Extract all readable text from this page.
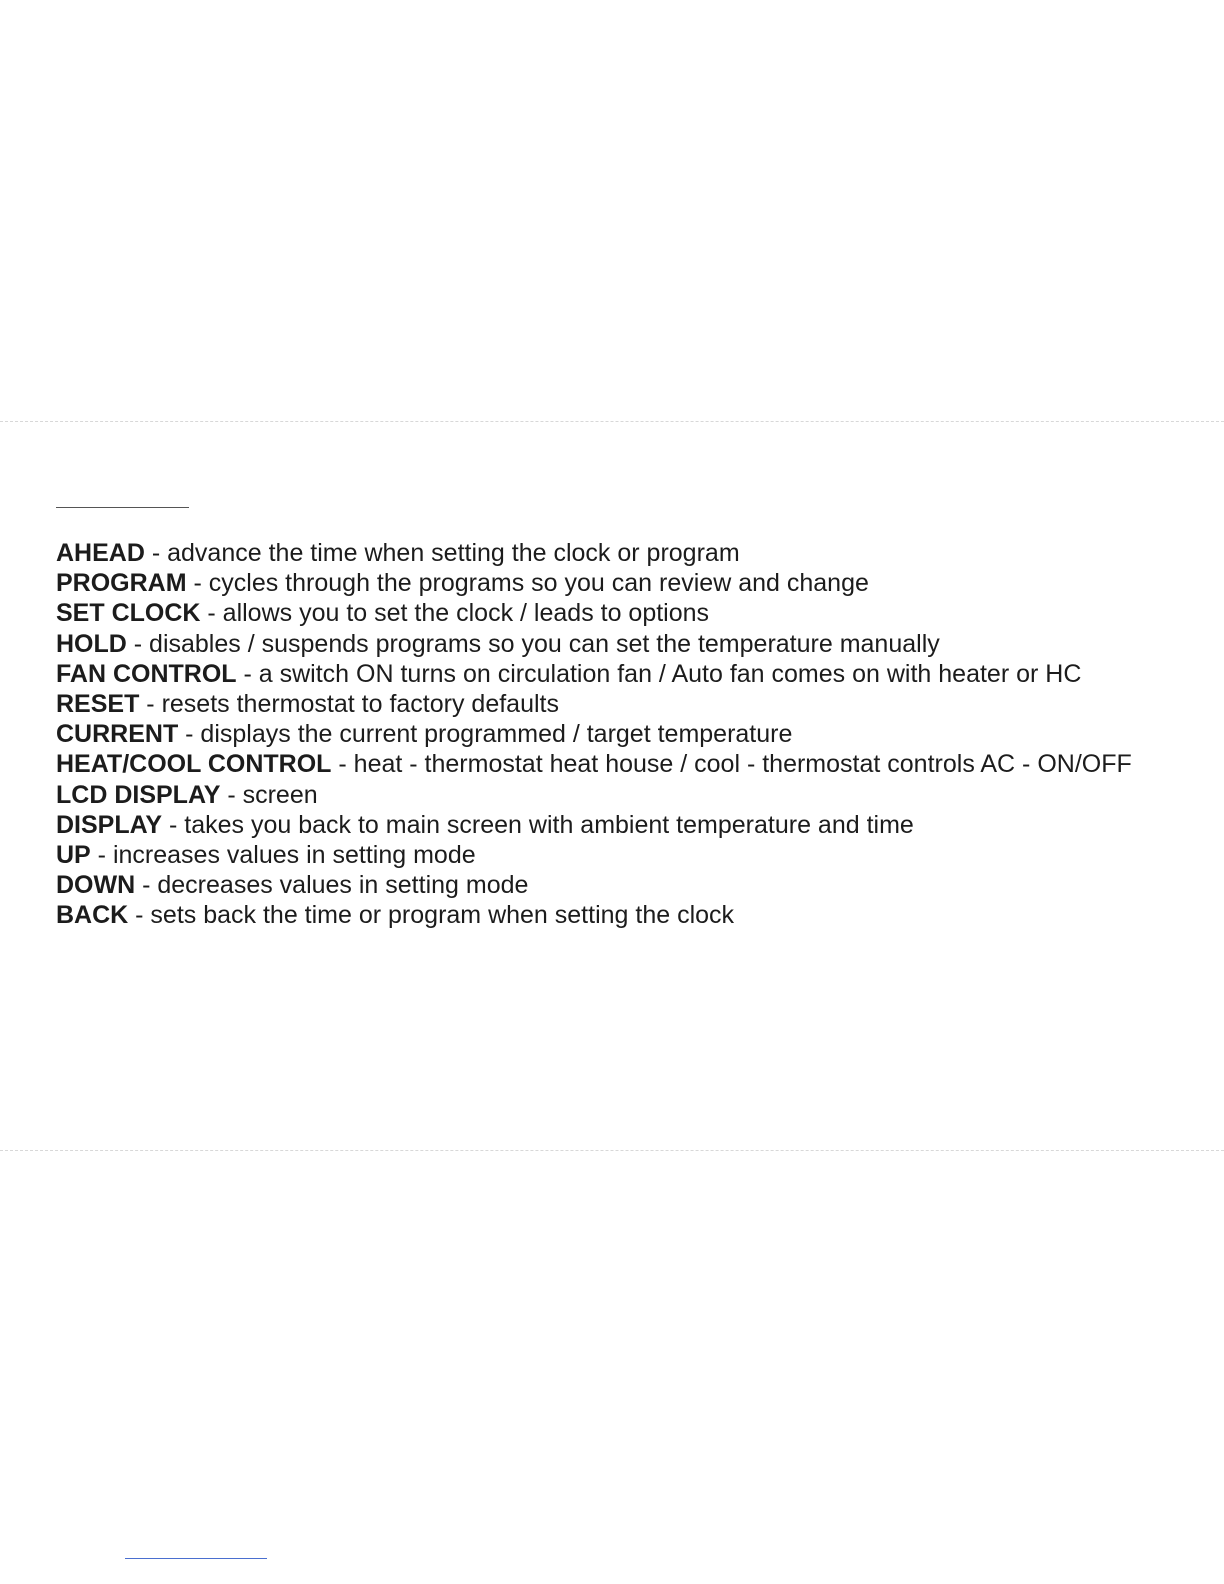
AHEAD - advance the time when setting the clock or program
PROGRAM - cycles through the programs so you can review and change
SET CLOCK - allows you to set the clock / leads to options
HOLD - disables / suspends programs so you can set the temperature manually
FAN CONTROL - a switch ON turns on circulation fan / Auto fan comes on with heater or HC
RESET - resets thermostat to factory defaults
CURRENT - displays the current programmed / target temperature
HEAT/COOL CONTROL - heat - thermostat heat house / cool - thermostat controls AC - ON/OFF
LCD DISPLAY - screen
DISPLAY - takes you back to main screen with ambient temperature and time
UP - increases values in setting mode
DOWN - decreases values in setting mode
BACK - sets back the time or program when setting the clock
